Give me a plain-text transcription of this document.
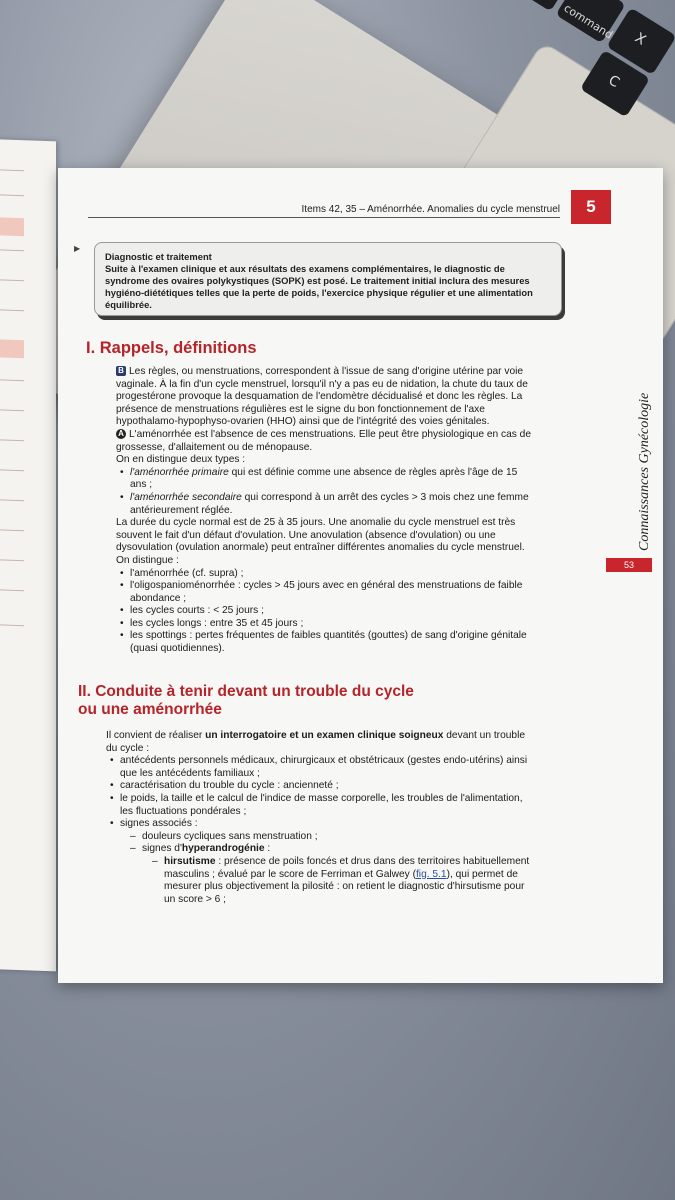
command X
C
Items 42, 35 – Aménorrhée. Anomalies du cycle menstruel	5
▶
Diagnostic et traitement
Suite à l'examen clinique et aux résultats des examens complémentaires, le diagnostic de syndrome des ovaires polykystiques (SOPK) est posé. Le traitement initial inclura des mesures hygiéno-diététiques telles que la perte de poids, l'exercice physique régulier et une alimentation équilibrée.
I. Rappels, définitions

B Les règles, ou menstruations, correspondent à l'issue de sang d'origine utérine par voie vaginale. À la fin d'un cycle menstruel, lorsqu'il n'y a pas eu de nidation, la chute du taux de progestérone provoque la desquamation de l'endomètre décidualisé et donc les règles. La présence de menstruations régulières est le signe du bon fonctionnement de l'axe hypothalamo-hypophyso-ovarien (HHO) ainsi que de l'intégrité des voies génitales.

A L'aménorrhée est l'absence de ces menstruations. Elle peut être physiologique en cas de grossesse, d'allaitement ou de ménopause.

On en distingue deux types :

• l'aménorrhée primaire qui est définie comme une absence de règles après l'âge de 15 ans ;
• l'aménorrhée secondaire qui correspond à un arrêt des cycles > 3 mois chez une femme antérieurement réglée.

La durée du cycle normal est de 25 à 35 jours. Une anomalie du cycle menstruel est très souvent le fait d'un défaut d'ovulation. Une anovulation (absence d'ovulation) ou une dysovulation (ovulation anormale) peut entraîner différentes anomalies du cycle menstruel. On distingue :

• l'aménorrhée (cf. supra) ;
• l'oligospanioménorrhée : cycles > 45 jours avec en général des menstruations de faible abondance ;
• les cycles courts : < 25 jours ;
• les cycles longs : entre 35 et 45 jours ;
• les spottings : pertes fréquentes de faibles quantités (gouttes) de sang d'origine génitale (quasi quotidiennes).
II. Conduite à tenir devant un trouble du cycle
ou une aménorrhée

Il convient de réaliser un interrogatoire et un examen clinique soigneux devant un trouble du cycle :

• antécédents personnels médicaux, chirurgicaux et obstétricaux (gestes endo-utérins) ainsi que les antécédents familiaux ;
• caractérisation du trouble du cycle : ancienneté ;
• le poids, la taille et le calcul de l'indice de masse corporelle, les troubles de l'alimentation, les fluctuations pondérales ;
• signes associés :
– douleurs cycliques sans menstruation ;
– signes d'hyperandrogénie :
– hirsutisme : présence de poils foncés et drus dans des territoires habituellement masculins ; évalué par le score de Ferriman et Galwey (fig. 5.1), qui permet de mesurer plus objectivement la pilosité : on retient le diagnostic d'hirsutisme pour un score > 6 ;
Connaissances Gynécologie
53
